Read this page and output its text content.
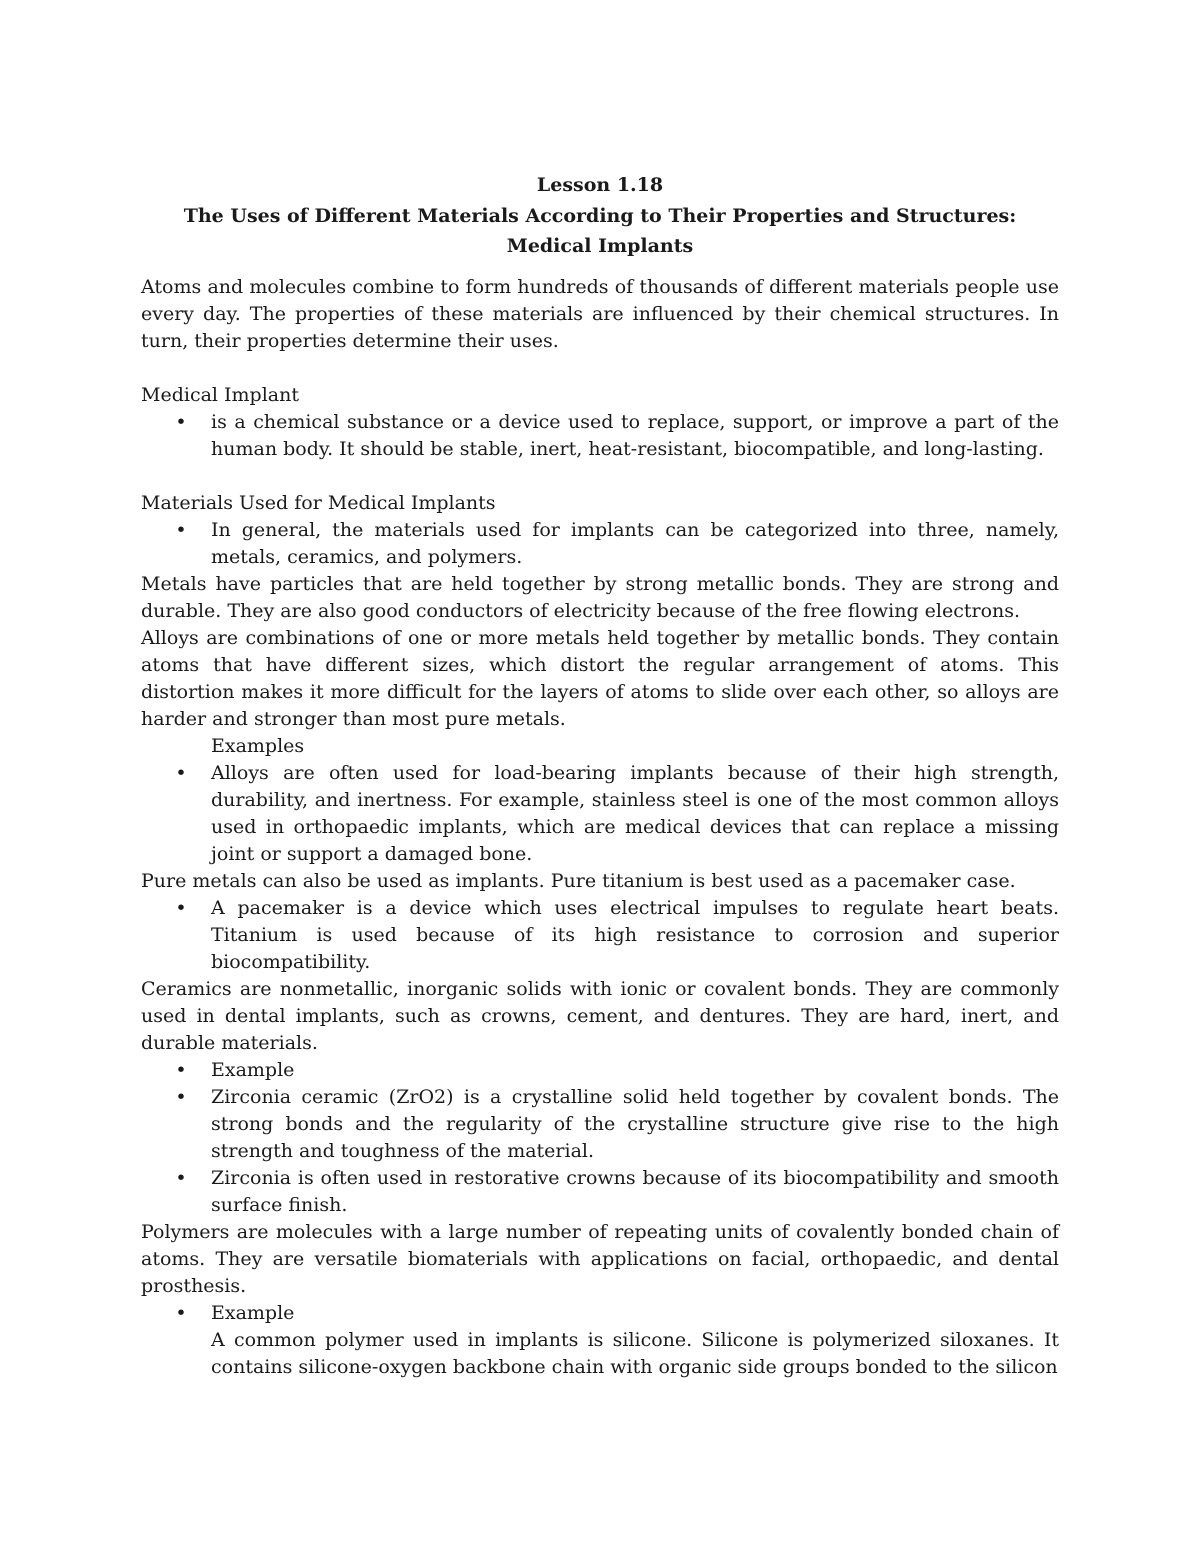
Lesson 1.18
The Uses of Different Materials According to Their Properties and Structures: Medical Implants

Atoms and molecules combine to form hundreds of thousands of different materials people use every day. The properties of these materials are influenced by their chemical structures. In turn, their properties determine their uses.

Medical Implant

• is a chemical substance or a device used to replace, support, or improve a part of the human body. It should be stable, inert, heat-resistant, biocompatible, and long-lasting.

Materials Used for Medical Implants

• In general, the materials used for implants can be categorized into three, namely, metals, ceramics, and polymers.

Metals have particles that are held together by strong metallic bonds. They are strong and durable. They are also good conductors of electricity because of the free flowing electrons.

Alloys are combinations of one or more metals held together by metallic bonds. They contain atoms that have different sizes, which distort the regular arrangement of atoms. This distortion makes it more difficult for the layers of atoms to slide over each other, so alloys are harder and stronger than most pure metals.

Examples

• Alloys are often used for load-bearing implants because of their high strength, durability, and inertness. For example, stainless steel is one of the most common alloys used in orthopaedic implants, which are medical devices that can replace a missing joint or support a damaged bone.

Pure metals can also be used as implants. Pure titanium is best used as a pacemaker case.

• A pacemaker is a device which uses electrical impulses to regulate heart beats. Titanium is used because of its high resistance to corrosion and superior biocompatibility.

Ceramics are nonmetallic, inorganic solids with ionic or covalent bonds. They are commonly used in dental implants, such as crowns, cement, and dentures. They are hard, inert, and durable materials.

• Example
• Zirconia ceramic (ZrO2) is a crystalline solid held together by covalent bonds. The strong bonds and the regularity of the crystalline structure give rise to the high strength and toughness of the material.
• Zirconia is often used in restorative crowns because of its biocompatibility and smooth surface finish.

Polymers are molecules with a large number of repeating units of covalently bonded chain of atoms. They are versatile biomaterials with applications on facial, orthopaedic, and dental prosthesis.

• Example

A common polymer used in implants is silicone. Silicone is polymerized siloxanes. It contains silicone-oxygen backbone chain with organic side groups bonded to the silicon
